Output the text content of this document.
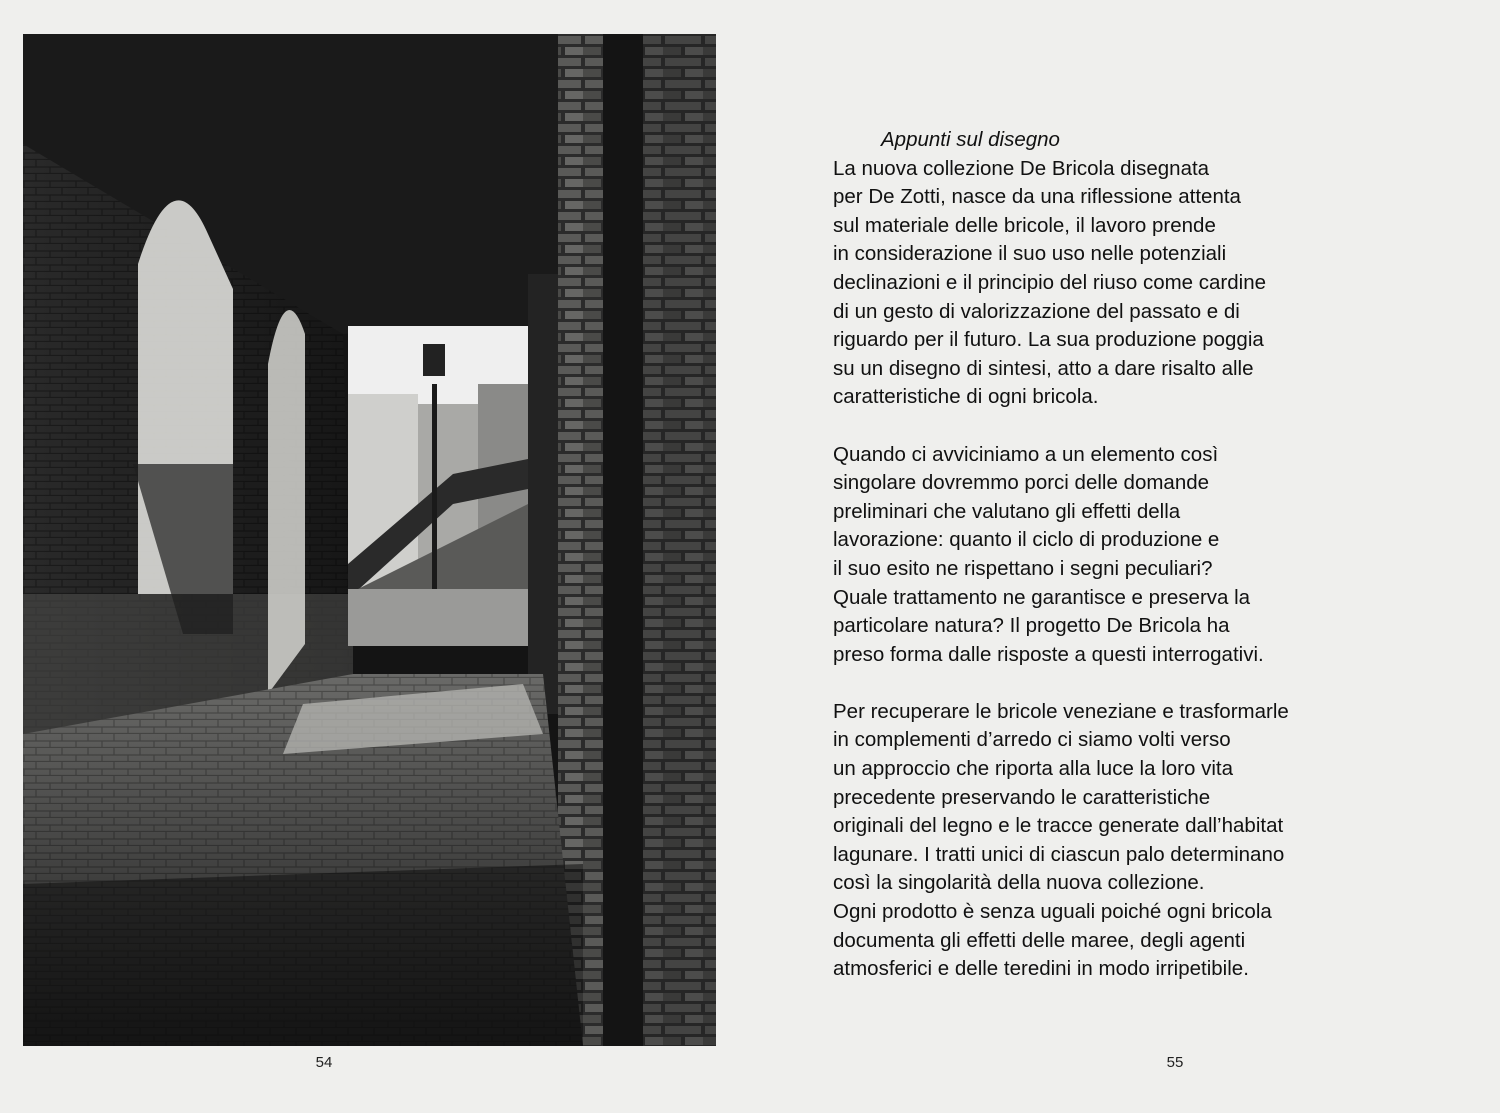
54
Appunti sul disegno
La nuova collezione De Bricola disegnata
per De Zotti, nasce da una riflessione attenta
sul materiale delle bricole, il lavoro prende
in considerazione il suo uso nelle potenziali
declinazioni e il principio del riuso come cardine
di un gesto di valorizzazione del passato e di
riguardo per il futuro. La sua produzione poggia
su un disegno di sintesi, atto a dare risalto alle
caratteristiche di ogni bricola.
Quando ci avviciniamo a un elemento così
singolare dovremmo porci delle domande
preliminari che valutano gli effetti della
lavorazione: quanto il ciclo di produzione e
il suo esito ne rispettano i segni peculiari?
Quale trattamento ne garantisce e preserva la
particolare natura? Il progetto De Bricola ha
preso forma dalle risposte a questi interrogativi.
Per recuperare le bricole veneziane e trasformarle
in complementi d’arredo ci siamo volti verso
un approccio che riporta alla luce la loro vita
precedente preservando le caratteristiche
originali del legno e le tracce generate dall’habitat
lagunare. I tratti unici di ciascun palo determinano
così la singolarità della nuova collezione.
Ogni prodotto è senza uguali poiché ogni bricola
documenta gli effetti delle maree, degli agenti
atmosferici e delle teredini in modo irripetibile.
55
